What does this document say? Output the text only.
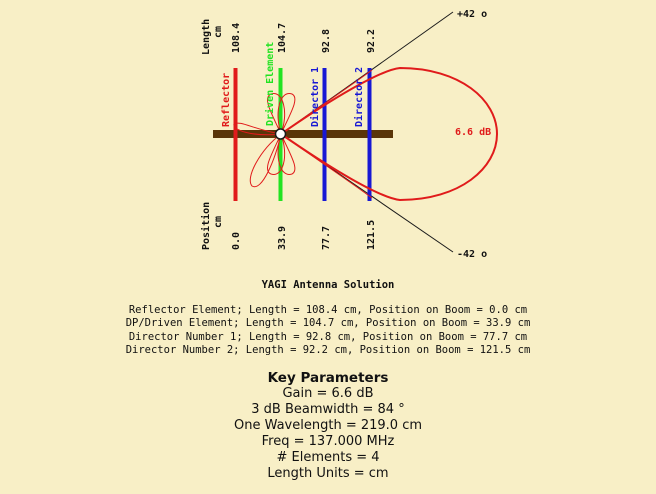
Length cm
Position cm
108.4	104.7	92.8	92.2
0.0	33.9	77.7	121.5
Reflector	Driven Element	Director 1	Director 2
+42 o
-42 o
6.6 dB
YAGI Antenna Solution
Reflector Element; Length = 108.4 cm, Position on Boom = 0.0 cm
DP/Driven Element; Length = 104.7 cm, Position on Boom = 33.9 cm
Director Number 1; Length = 92.8 cm, Position on Boom = 77.7 cm
Director Number 2; Length = 92.2 cm, Position on Boom = 121.5 cm
Key Parameters
Gain = 6.6 dB
3 dB Beamwidth = 84 °
One Wavelength = 219.0 cm
Freq = 137.000 MHz
# Elements = 4
Length Units = cm
